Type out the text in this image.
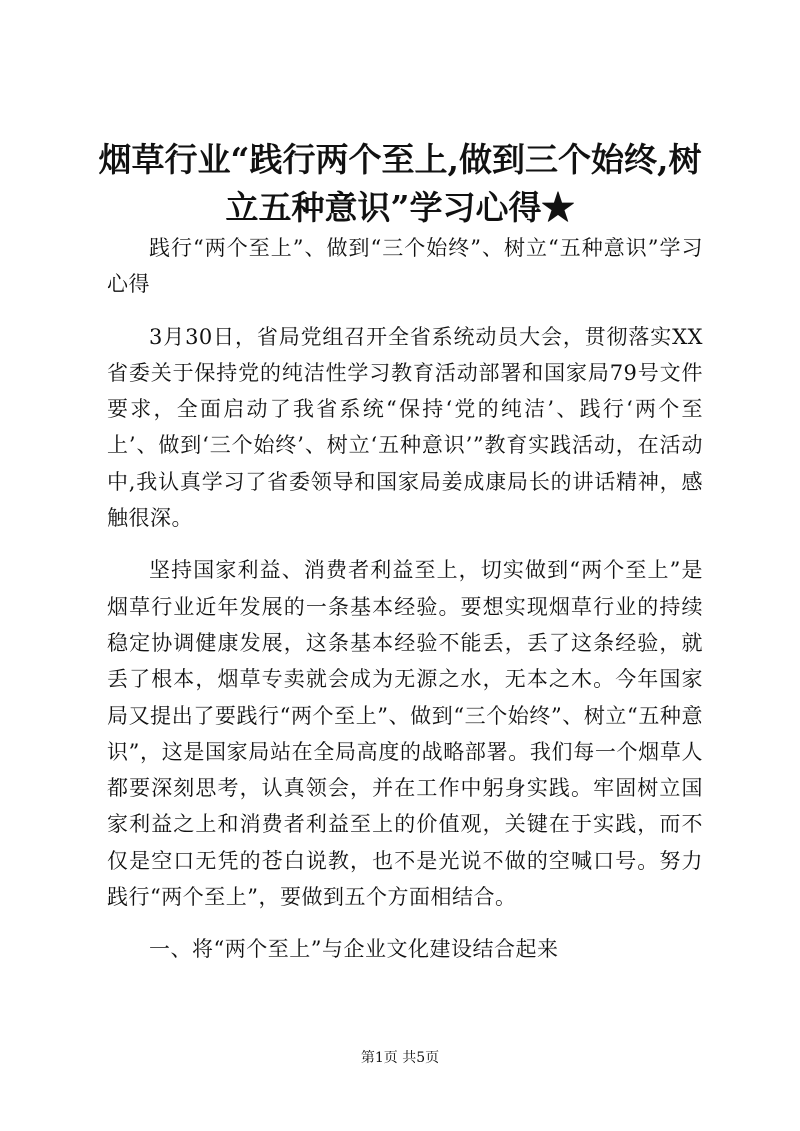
烟草行业“践行两个至上,做到三个始终,树立五种意识”学习心得★

践行“两个至上”、做到“三个始终”、树立“五种意识”学习心得

3月30日，省局党组召开全省系统动员大会，贯彻落实XX省委关于保持党的纯洁性学习教育活动部署和国家局79号文件要求，全面启动了我省系统“保持‘党的纯洁’、践行‘两个至上’、做到‘三个始终’、树立‘五种意识’”教育实践活动，在活动中,我认真学习了省委领导和国家局姜成康局长的讲话精神，感触很深。

坚持国家利益、消费者利益至上，切实做到“两个至上”是烟草行业近年发展的一条基本经验。要想实现烟草行业的持续稳定协调健康发展，这条基本经验不能丢，丢了这条经验，就丢了根本，烟草专卖就会成为无源之水，无本之木。今年国家局又提出了要践行“两个至上”、做到“三个始终”、树立“五种意识”，这是国家局站在全局高度的战略部署。我们每一个烟草人都要深刻思考，认真领会，并在工作中躬身实践。牢固树立国家利益之上和消费者利益至上的价值观，关键在于实践，而不仅是空口无凭的苍白说教，也不是光说不做的空喊口号。努力践行“两个至上”，要做到五个方面相结合。

一、将“两个至上”与企业文化建设结合起来

第1页 共5页
